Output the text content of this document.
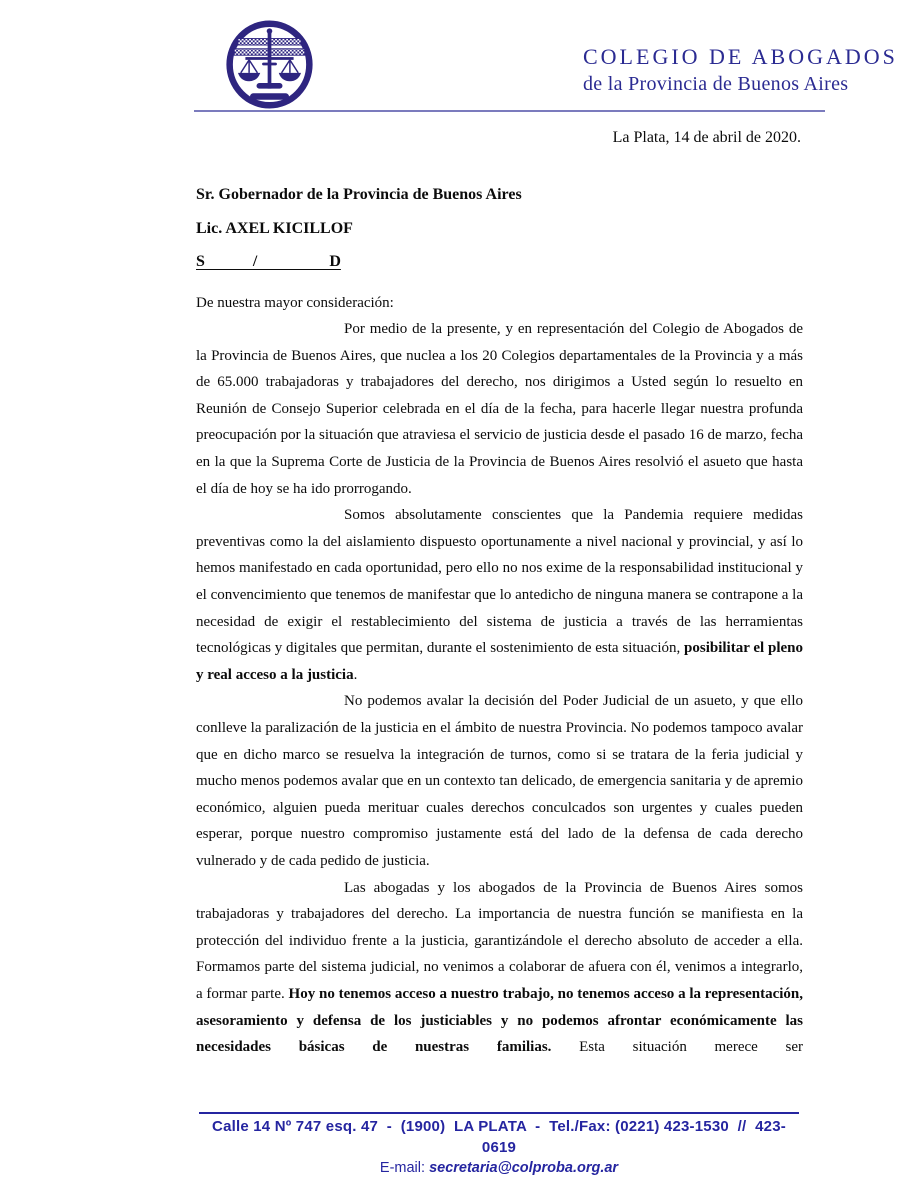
COLEGIO DE ABOGADOS
de la Provincia de Buenos Aires
La Plata, 14 de abril de 2020.
Sr. Gobernador de la Provincia de Buenos Aires
Lic. AXEL KICILLOF
S            /                  D
De nuestra mayor consideración:

Por medio de la presente, y en representación del Colegio de Abogados de la Provincia de Buenos Aires, que nuclea a los 20 Colegios departamentales de la Provincia y a más de 65.000 trabajadoras y trabajadores del derecho, nos dirigimos a Usted según lo resuelto en Reunión de Consejo Superior celebrada en el día de la fecha, para hacerle llegar nuestra profunda preocupación por la situación que atraviesa el servicio de justicia desde el pasado 16 de marzo, fecha en la que la Suprema Corte de Justicia de la Provincia de Buenos Aires resolvió el asueto que hasta el día de hoy se ha ido prorrogando.

Somos absolutamente conscientes que la Pandemia requiere medidas preventivas como la del aislamiento dispuesto oportunamente a nivel nacional y provincial, y así lo hemos manifestado en cada oportunidad, pero ello no nos exime de la responsabilidad institucional y el convencimiento que tenemos de manifestar que lo antedicho de ninguna manera se contrapone a la necesidad de exigir el restablecimiento del sistema de justicia a través de las herramientas tecnológicas y digitales que permitan, durante el sostenimiento de esta situación, posibilitar el pleno y real acceso a la justicia.

No podemos avalar la decisión del Poder Judicial de un asueto, y que ello conlleve la paralización de la justicia en el ámbito de nuestra Provincia. No podemos tampoco avalar que en dicho marco se resuelva la integración de turnos, como si se tratara de la feria judicial y mucho menos podemos avalar que en un contexto tan delicado, de emergencia sanitaria y de apremio económico, alguien pueda merituar cuales derechos conculcados son urgentes y cuales pueden esperar, porque nuestro compromiso justamente está del lado de la defensa de cada derecho vulnerado y de cada pedido de justicia.

Las abogadas y los abogados de la Provincia de Buenos Aires somos trabajadoras y trabajadores del derecho. La importancia de nuestra función se manifiesta en la protección del individuo frente a la justicia, garantizándole el derecho absoluto de acceder a ella. Formamos parte del sistema judicial, no venimos a colaborar de afuera con él, venimos a integrarlo, a formar parte. Hoy no tenemos acceso a nuestro trabajo, no tenemos acceso a la representación, asesoramiento y defensa de los justiciables y no podemos afrontar económicamente las necesidades básicas de nuestras familias. Esta situación merece ser

Calle 14 Nº 747 esq. 47  -  (1900)  LA PLATA  -  Tel./Fax: (0221) 423-1530  //  423-0619
E-mail: secretaria@colproba.org.ar
